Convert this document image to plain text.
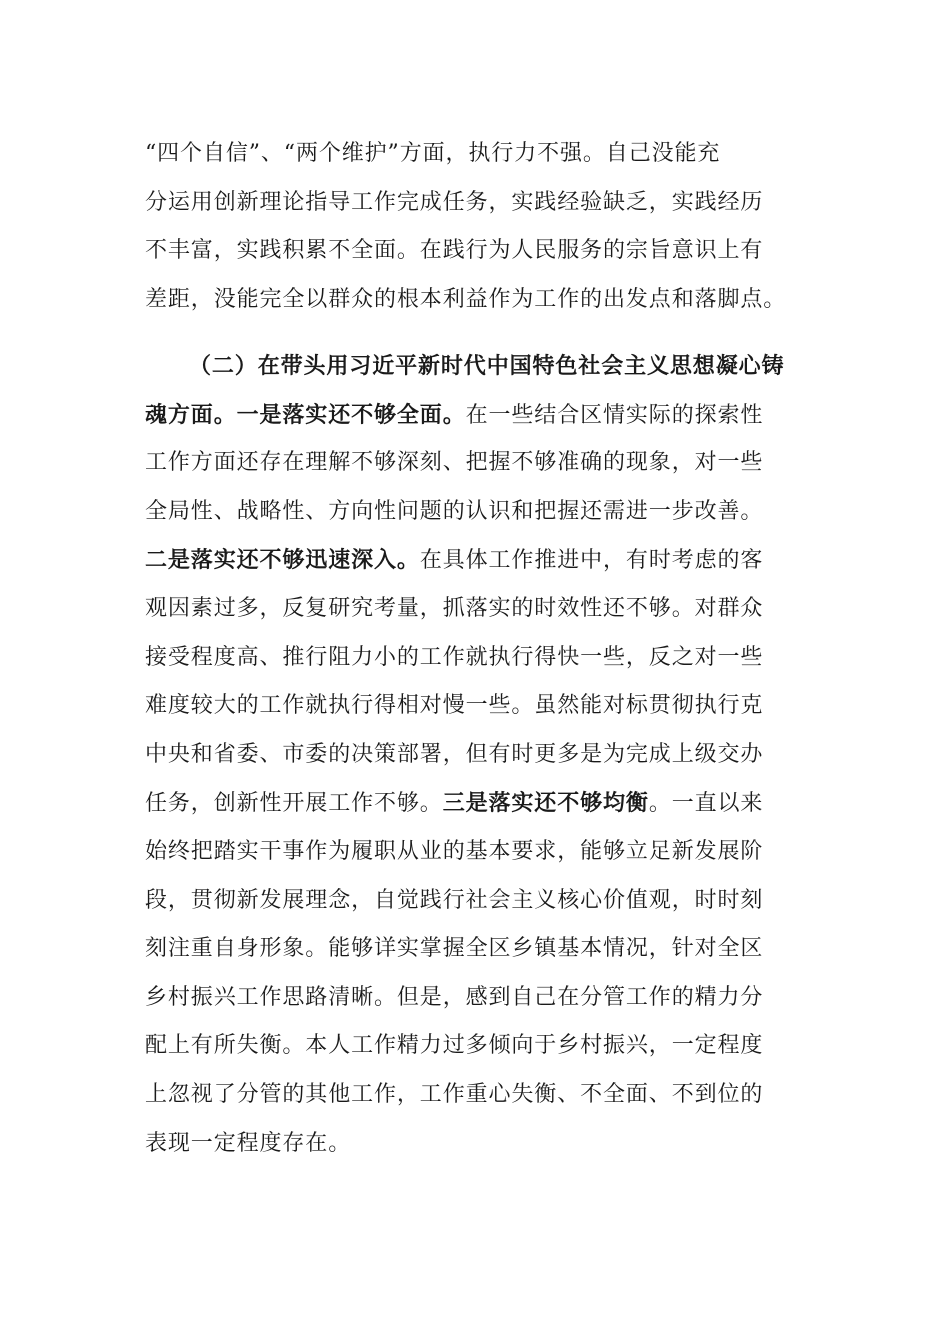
“四个自信”、“两个维护”方面，执行力不强。自己没能充
分运用创新理论指导工作完成任务，实践经验缺乏，实践经历
不丰富，实践积累不全面。在践行为人民服务的宗旨意识上有
差距，没能完全以群众的根本利益作为工作的出发点和落脚点。
（二）在带头用习近平新时代中国特色社会主义思想凝心铸
魂方面。一是落实还不够全面。在一些结合区情实际的探索性
工作方面还存在理解不够深刻、把握不够准确的现象，对一些
全局性、战略性、方向性问题的认识和把握还需进一步改善。
二是落实还不够迅速深入。在具体工作推进中，有时考虑的客
观因素过多，反复研究考量，抓落实的时效性还不够。对群众
接受程度高、推行阻力小的工作就执行得快一些，反之对一些
难度较大的工作就执行得相对慢一些。虽然能对标贯彻执行克
中央和省委、市委的决策部署，但有时更多是为完成上级交办
任务，创新性开展工作不够。三是落实还不够均衡。一直以来
始终把踏实干事作为履职从业的基本要求，能够立足新发展阶
段，贯彻新发展理念，自觉践行社会主义核心价值观，时时刻
刻注重自身形象。能够详实掌握全区乡镇基本情况，针对全区
乡村振兴工作思路清晰。但是，感到自己在分管工作的精力分
配上有所失衡。本人工作精力过多倾向于乡村振兴，一定程度
上忽视了分管的其他工作，工作重心失衡、不全面、不到位的
表现一定程度存在。
